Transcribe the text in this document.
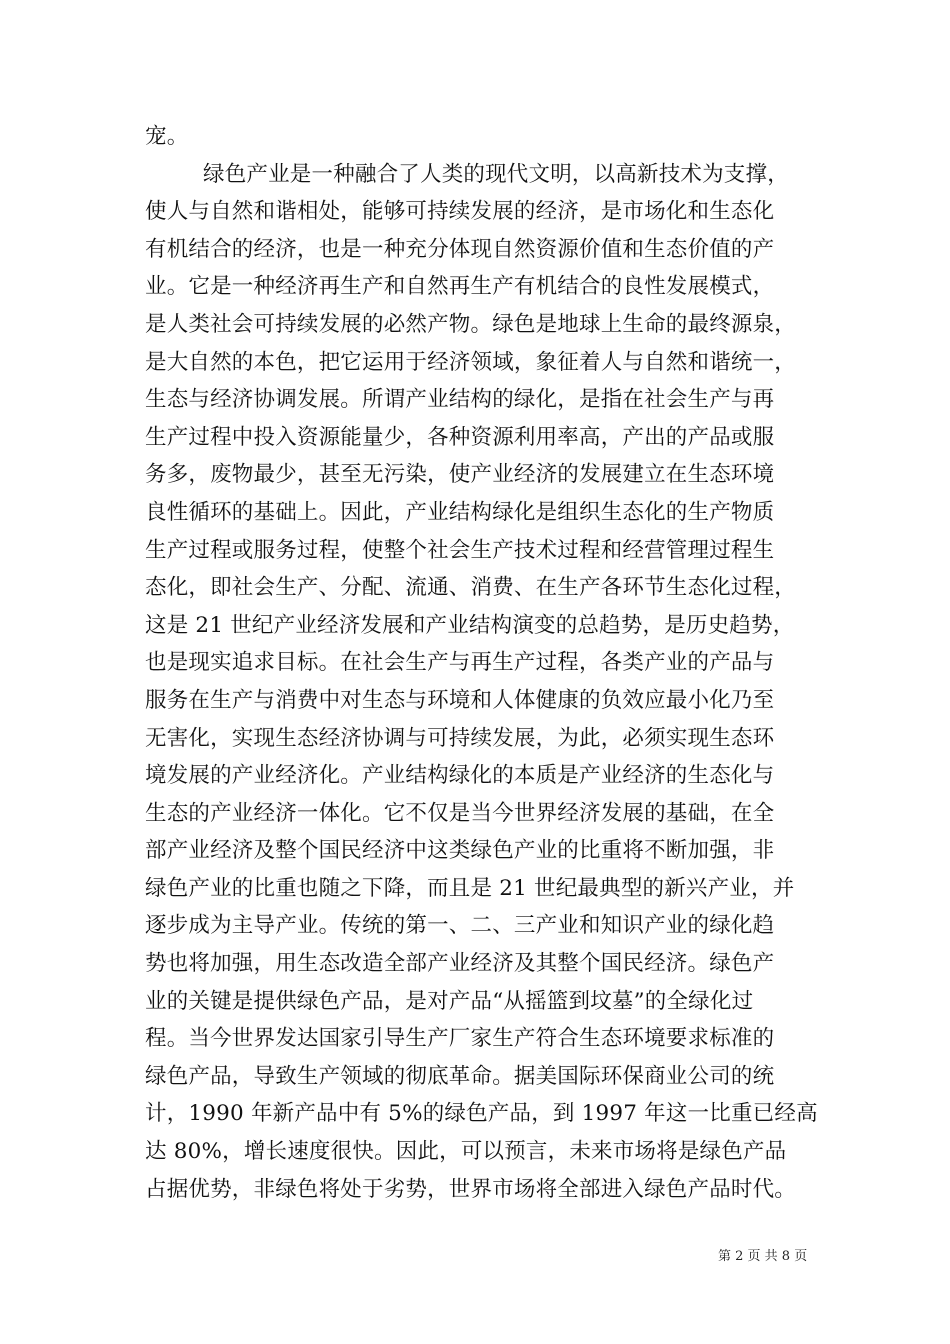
宠。
绿色产业是一种融合了人类的现代文明，以高新技术为支撑，
使人与自然和谐相处，能够可持续发展的经济，是市场化和生态化
有机结合的经济，也是一种充分体现自然资源价值和生态价值的产
业。它是一种经济再生产和自然再生产有机结合的良性发展模式，
是人类社会可持续发展的必然产物。绿色是地球上生命的最终源泉，
是大自然的本色，把它运用于经济领域，象征着人与自然和谐统一，
生态与经济协调发展。所谓产业结构的绿化，是指在社会生产与再
生产过程中投入资源能量少，各种资源利用率高，产出的产品或服
务多，废物最少，甚至无污染，使产业经济的发展建立在生态环境
良性循环的基础上。因此，产业结构绿化是组织生态化的生产物质
生产过程或服务过程，使整个社会生产技术过程和经营管理过程生
态化，即社会生产、分配、流通、消费、在生产各环节生态化过程，
这是 21 世纪产业经济发展和产业结构演变的总趋势，是历史趋势，
也是现实追求目标。在社会生产与再生产过程，各类产业的产品与
服务在生产与消费中对生态与环境和人体健康的负效应最小化乃至
无害化，实现生态经济协调与可持续发展，为此，必须实现生态环
境发展的产业经济化。产业结构绿化的本质是产业经济的生态化与
生态的产业经济一体化。它不仅是当今世界经济发展的基础，在全
部产业经济及整个国民经济中这类绿色产业的比重将不断加强，非
绿色产业的比重也随之下降，而且是 21 世纪最典型的新兴产业，并
逐步成为主导产业。传统的第一、二、三产业和知识产业的绿化趋
势也将加强，用生态改造全部产业经济及其整个国民经济。绿色产
业的关键是提供绿色产品，是对产品“从摇篮到坟墓”的全绿化过
程。当今世界发达国家引导生产厂家生产符合生态环境要求标准的
绿色产品，导致生产领域的彻底革命。据美国际环保商业公司的统
计，1990 年新产品中有 5%的绿色产品，到 1997 年这一比重已经高
达 80%，增长速度很快。因此，可以预言，未来市场将是绿色产品
占据优势，非绿色将处于劣势，世界市场将全部进入绿色产品时代。
第 2 页 共 8 页
